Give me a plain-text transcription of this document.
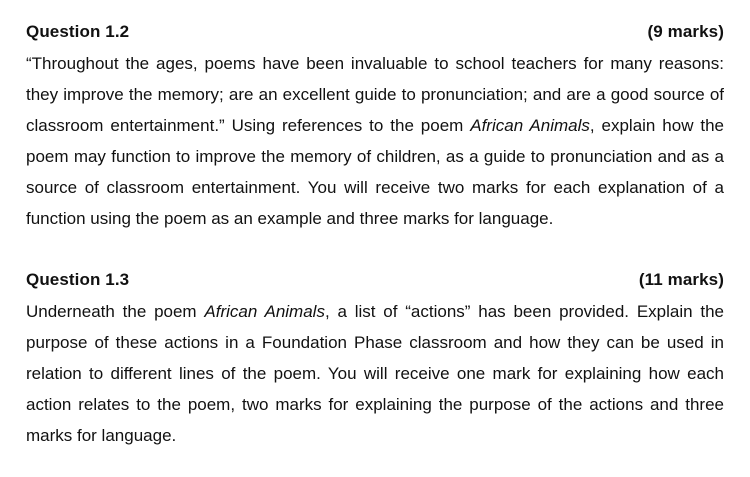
Question 1.2	(9 marks)

“Throughout the ages, poems have been invaluable to school teachers for many reasons: they improve the memory; are an excellent guide to pronunciation; and are a good source of classroom entertainment.” Using references to the poem African Animals, explain how the poem may function to improve the memory of children, as a guide to pronunciation and as a source of classroom entertainment. You will receive two marks for each explanation of a function using the poem as an example and three marks for language.

Question 1.3	(11 marks)

Underneath the poem African Animals, a list of “actions” has been provided. Explain the purpose of these actions in a Foundation Phase classroom and how they can be used in relation to different lines of the poem. You will receive one mark for explaining how each action relates to the poem, two marks for explaining the purpose of the actions and three marks for language.
